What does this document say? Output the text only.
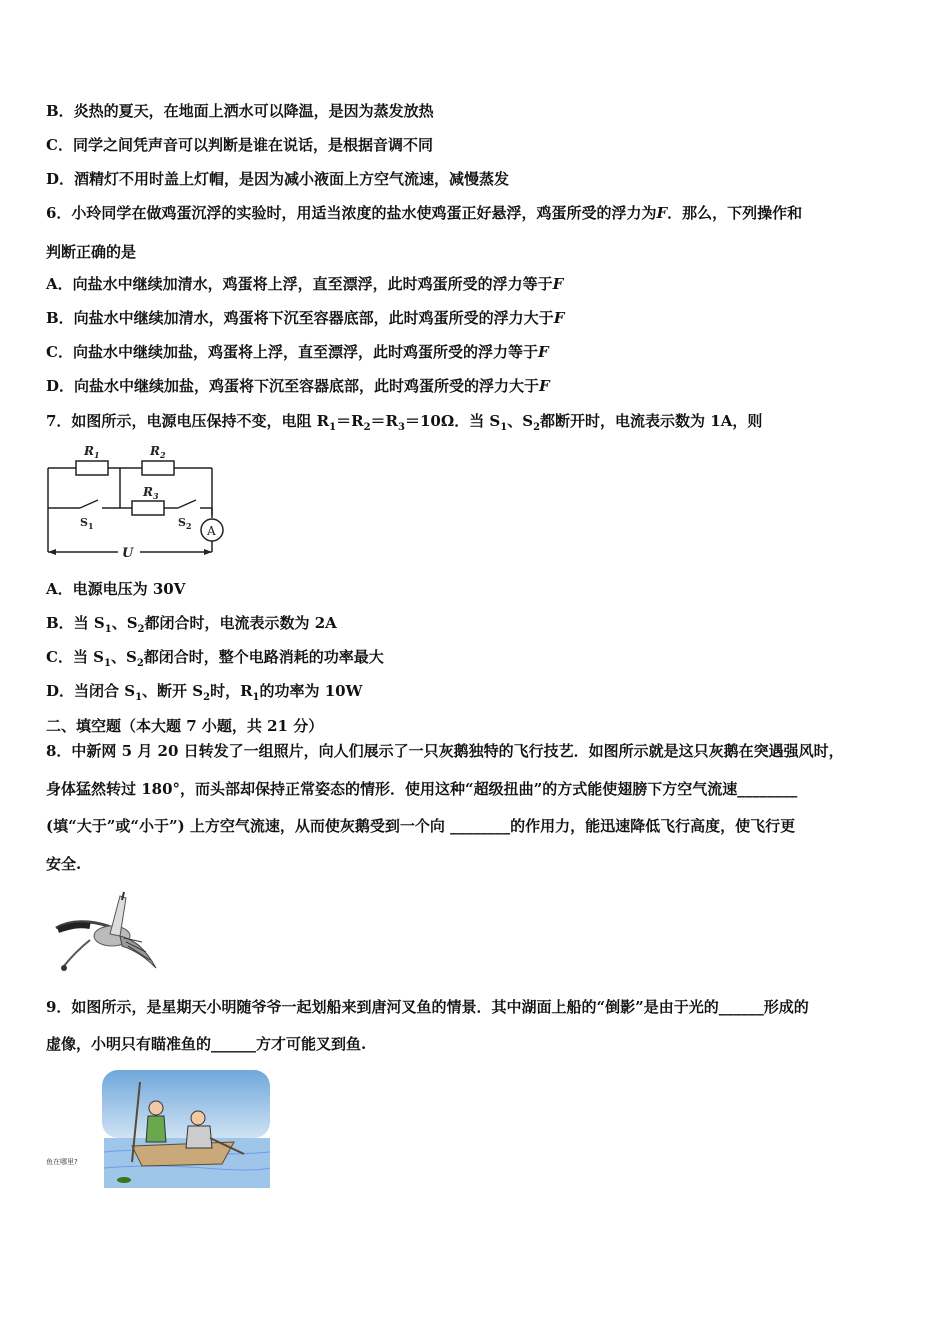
B．炎热的夏天，在地面上洒水可以降温，是因为蒸发放热
C．同学之间凭声音可以判断是谁在说话，是根据音调不同
D．酒精灯不用时盖上灯帽，是因为减小液面上方空气流速，减慢蒸发
6．小玲同学在做鸡蛋沉浮的实验时，用适当浓度的盐水使鸡蛋正好悬浮，鸡蛋所受的浮力为F．那么，下列操作和
判断正确的是
A．向盐水中继续加清水，鸡蛋将上浮，直至漂浮，此时鸡蛋所受的浮力等于F
B．向盐水中继续加清水，鸡蛋将下沉至容器底部，此时鸡蛋所受的浮力大于F
C．向盐水中继续加盐，鸡蛋将上浮，直至漂浮，此时鸡蛋所受的浮力等于F
D．向盐水中继续加盐，鸡蛋将下沉至容器底部，此时鸡蛋所受的浮力大于F
7．如图所示，电源电压保持不变，电阻 $R_1=R_2=R_3=10\Omega$．当 $S_1$、$S_2$都断开时，电流表示数为 1A，则
$R_1$	$R_2$
$R_3$
$S_1$	$S_2$ A
U
A．电源电压为 30V
B．当 $S_1$、$S_2$都闭合时，电流表示数为 2A
C．当 $S_1$、$S_2$都闭合时，整个电路消耗的功率最大
D．当闭合 $S_1$、断开 $S_2$时，$R_1$的功率为 10W
二、填空题（本大题 7 小题，共 21 分）
8．中新网 5 月 20 日转发了一组照片，向人们展示了一只灰鹅独特的飞行技艺．如图所示就是这只灰鹅在突遇强风时，
身体猛然转过 180°，而头部却保持正常姿态的情形．使用这种“超级扭曲”的方式能使翅膀下方空气流速________
(填“大于”或“小于”) 上方空气流速，从而使灰鹅受到一个向 ________的作用力，能迅速降低飞行高度，使飞行更
安全.
9．如图所示，是星期天小明随爷爷一起划船来到唐河叉鱼的情景．其中湖面上船的“倒影”是由于光的______形成的
虚像，小明只有瞄准鱼的______方才可能叉到鱼.
鱼在哪里?
